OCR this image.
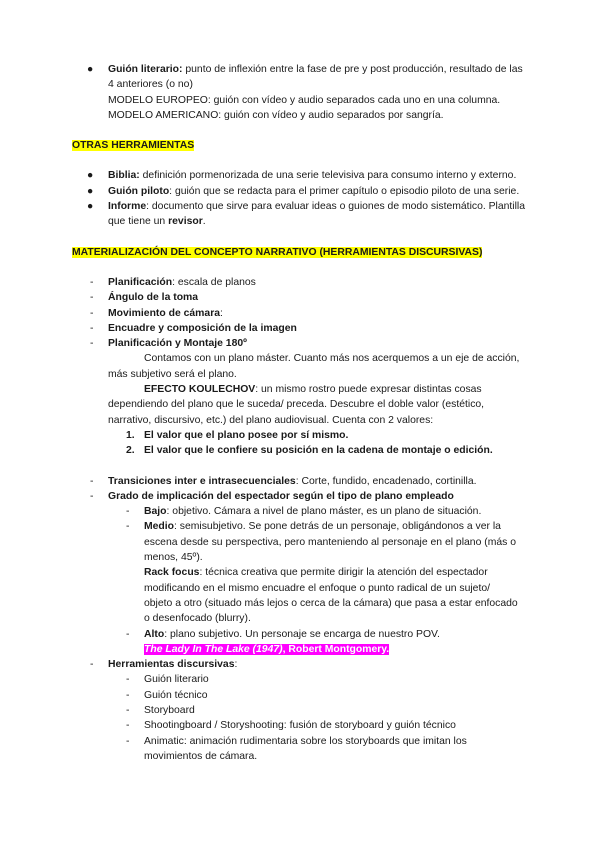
● Guión literario: punto de inflexión entre la fase de pre y post producción, resultado de las 4 anteriores (o no)

MODELO EUROPEO: guión con vídeo y audio separados cada uno en una columna.

MODELO AMERICANO: guión con vídeo y audio separados por sangría.

OTRAS HERRAMIENTAS

● Biblia: definición pormenorizada de una serie televisiva para consumo interno y externo.

● Guión piloto: guión que se redacta para el primer capítulo o episodio piloto de una serie.

● Informe: documento que sirve para evaluar ideas o guiones de modo sistemático. Plantilla que tiene un revisor.

MATERIALIZACIÓN DEL CONCEPTO NARRATIVO (HERRAMIENTAS DISCURSIVAS)

- Planificación: escala de planos

- Ángulo de la toma

- Movimiento de cámara:

- Encuadre y composición de la imagen

- Planificación y Montaje 180º

Contamos con un plano máster. Cuanto más nos acerquemos a un eje de acción, más subjetivo será el plano.

EFECTO KOULECHOV: un mismo rostro puede expresar distintas cosas dependiendo del plano que le suceda/ preceda. Descubre el doble valor (estético, narrativo, discursivo, etc.) del plano audiovisual. Cuenta con 2 valores:

1. El valor que el plano posee por sí mismo.

2. El valor que le confiere su posición en la cadena de montaje o edición.

- Transiciones inter e intrasecuenciales: Corte, fundido, encadenado, cortinilla.

- Grado de implicación del espectador según el tipo de plano empleado

- Bajo: objetivo. Cámara a nivel de plano máster, es un plano de situación.

- Medio: semisubjetivo. Se pone detrás de un personaje, obligándonos a ver la escena desde su perspectiva, pero manteniendo al personaje en el plano (más o menos, 45º).

Rack focus: técnica creativa que permite dirigir la atención del espectador modificando en el mismo encuadre el enfoque o punto radical de un sujeto/ objeto a otro (situado más lejos o cerca de la cámara) que pasa a estar enfocado o desenfocado (blurry).

- Alto: plano subjetivo. Un personaje se encarga de nuestro POV.

The Lady In The Lake (1947), Robert Montgomery.

- Herramientas discursivas:

- Guión literario

- Guión técnico

- Storyboard

- Shootingboard / Storyshooting: fusión de storyboard y guión técnico

- Animatic: animación rudimentaria sobre los storyboards que imitan los movimientos de cámara.
